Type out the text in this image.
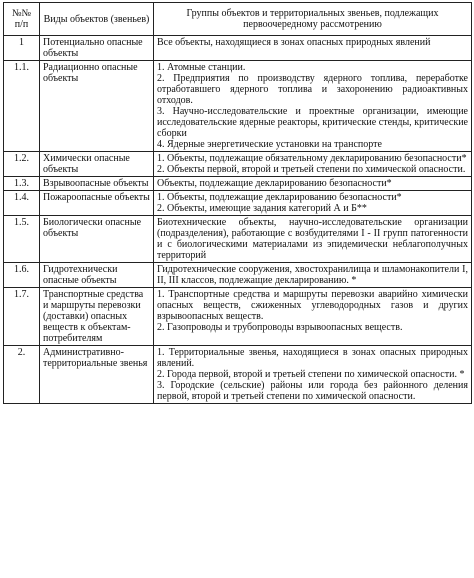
№№ п/п	Виды объектов (звеньев)	Группы объектов и территориальных звеньев, подлежащих первоочередному рассмотрению
1	Потенциально опасные объекты	Все объекты, находящиеся в зонах опасных природных явлений

1.1.	Радиационно опасные объекты	1. Атомные станции.
2. Предприятия по производству ядерного топлива, переработке отработавшего ядерного топлива и захоронению радиоактивных отходов.
3. Научно-исследовательские и проектные организации, имеющие исследовательские ядерные реакторы, критические стенды, критические сборки
4. Ядерные энергетические установки на транспорте

1.2.	Химически опасные объекты	1. Объекты, подлежащие обязательному декларированию безопасности*
2. Объекты первой, второй и третьей степени по химической опасности.

1.3.	Взрывоопасные объекты	Объекты, подлежащие декларированию безопасности*

1.4.	Пожароопасные объекты	1. Объекты, подлежащие декларированию безопасности*
2. Объекты, имеющие задания категорий А и Б**

1.5.	Биологически опасные объекты	Биотехнические объекты, научно-исследовательские организации (подразделения), работающие с возбудителями I - II групп патогенности и с биологическими материалами из эпидемически неблагополучных территорий

1.6.	Гидротехнически опасные объекты	Гидротехнические сооружения, хвостохранилища и шламонакопители I, II, III классов, подлежащие декларированию. *

1.7.	Транспортные средства и маршруты перевозки (доставки) опасных веществ к объектам-потребителям	1. Транспортные средства и маршруты перевозки аварийно химически опасных веществ, сжиженных углеводородных газов и других взрывоопасных веществ.
2. Газопроводы и трубопроводы взрывоопасных веществ.

2.	Административно-территориальные звенья	1. Территориальные звенья, находящиеся в зонах опасных природных явлений.
2. Города первой, второй и третьей степени по химической опасности. *
3. Городские (сельские) районы или города без районного деления первой, второй и третьей степени по химической опасности.
